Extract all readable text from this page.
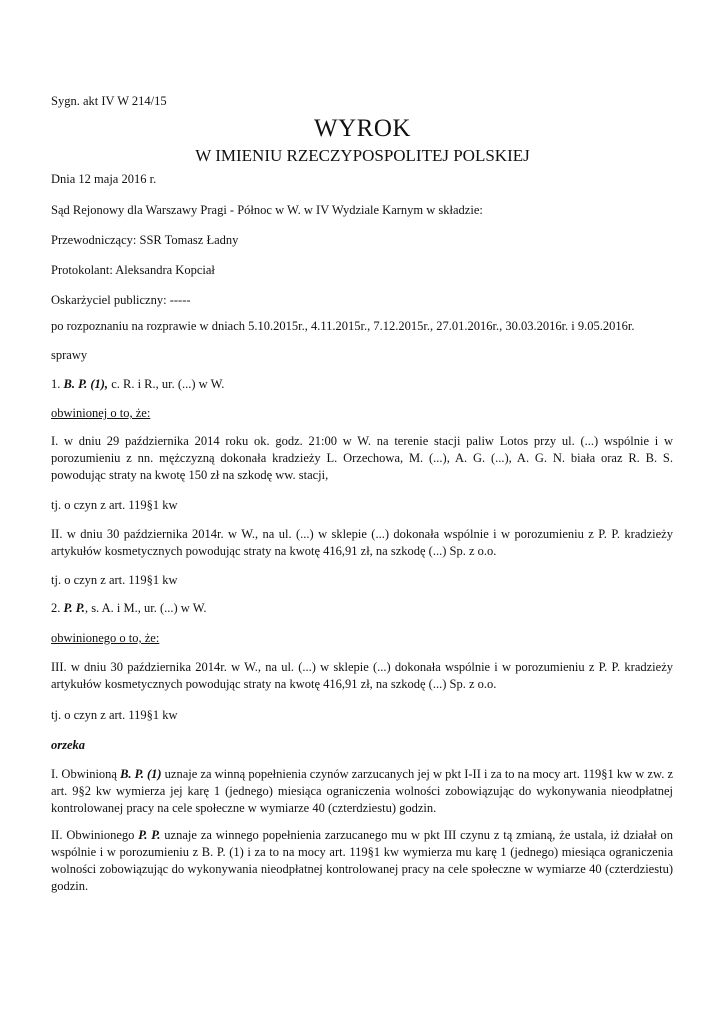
Sygn. akt IV W 214/15

WYROK
W IMIENIU RZECZYPOSPOLITEJ POLSKIEJ

Dnia 12 maja 2016 r.

Sąd Rejonowy dla Warszawy Pragi - Północ w W. w IV Wydziale Karnym w składzie:

Przewodniczący: SSR Tomasz Ładny

Protokolant: Aleksandra Kopciał

Oskarżyciel publiczny: -----

po rozpoznaniu na rozprawie w dniach 5.10.2015r., 4.11.2015r., 7.12.2015r., 27.01.2016r., 30.03.2016r. i 9.05.2016r.

sprawy

1. B. P. (1), c. R. i R., ur. (...) w W.

obwinionej o to, że:

I. w dniu 29 października 2014 roku ok. godz. 21:00 w W. na terenie stacji paliw Lotos przy ul. (...) wspólnie i w porozumieniu z nn. mężczyzną dokonała kradzieży L. Orzechowa, M. (...), A. G. (...), A. G. N. biała oraz R. B. S. powodując straty na kwotę 150 zł na szkodę ww. stacji,

tj. o czyn z art. 119§1 kw

II. w dniu 30 października 2014r. w W., na ul. (...) w sklepie (...) dokonała wspólnie i w porozumieniu z P. P. kradzieży artykułów kosmetycznych powodując straty na kwotę 416,91 zł, na szkodę (...) Sp. z o.o.

tj. o czyn z art. 119§1 kw

2. P. P., s. A. i M., ur. (...) w W.

obwinionego o to, że:

III. w dniu 30 października 2014r. w W., na ul. (...) w sklepie (...) dokonała wspólnie i w porozumieniu z P. P. kradzieży artykułów kosmetycznych powodując straty na kwotę 416,91 zł, na szkodę (...) Sp. z o.o.

tj. o czyn z art. 119§1 kw

orzeka

I. Obwinioną B. P. (1) uznaje za winną popełnienia czynów zarzucanych jej w pkt I-II i za to na mocy art. 119§1 kw w zw. z art. 9§2 kw wymierza jej karę 1 (jednego) miesiąca ograniczenia wolności zobowiązując do wykonywania nieodpłatnej kontrolowanej pracy na cele społeczne w wymiarze 40 (czterdziestu) godzin.

II. Obwinionego P. P. uznaje za winnego popełnienia zarzucanego mu w pkt III czynu z tą zmianą, że ustala, iż działał on wspólnie i w porozumieniu z B. P. (1) i za to na mocy art. 119§1 kw wymierza mu karę 1 (jednego) miesiąca ograniczenia wolności zobowiązując do wykonywania nieodpłatnej kontrolowanej pracy na cele społeczne w wymiarze 40 (czterdziestu) godzin.
